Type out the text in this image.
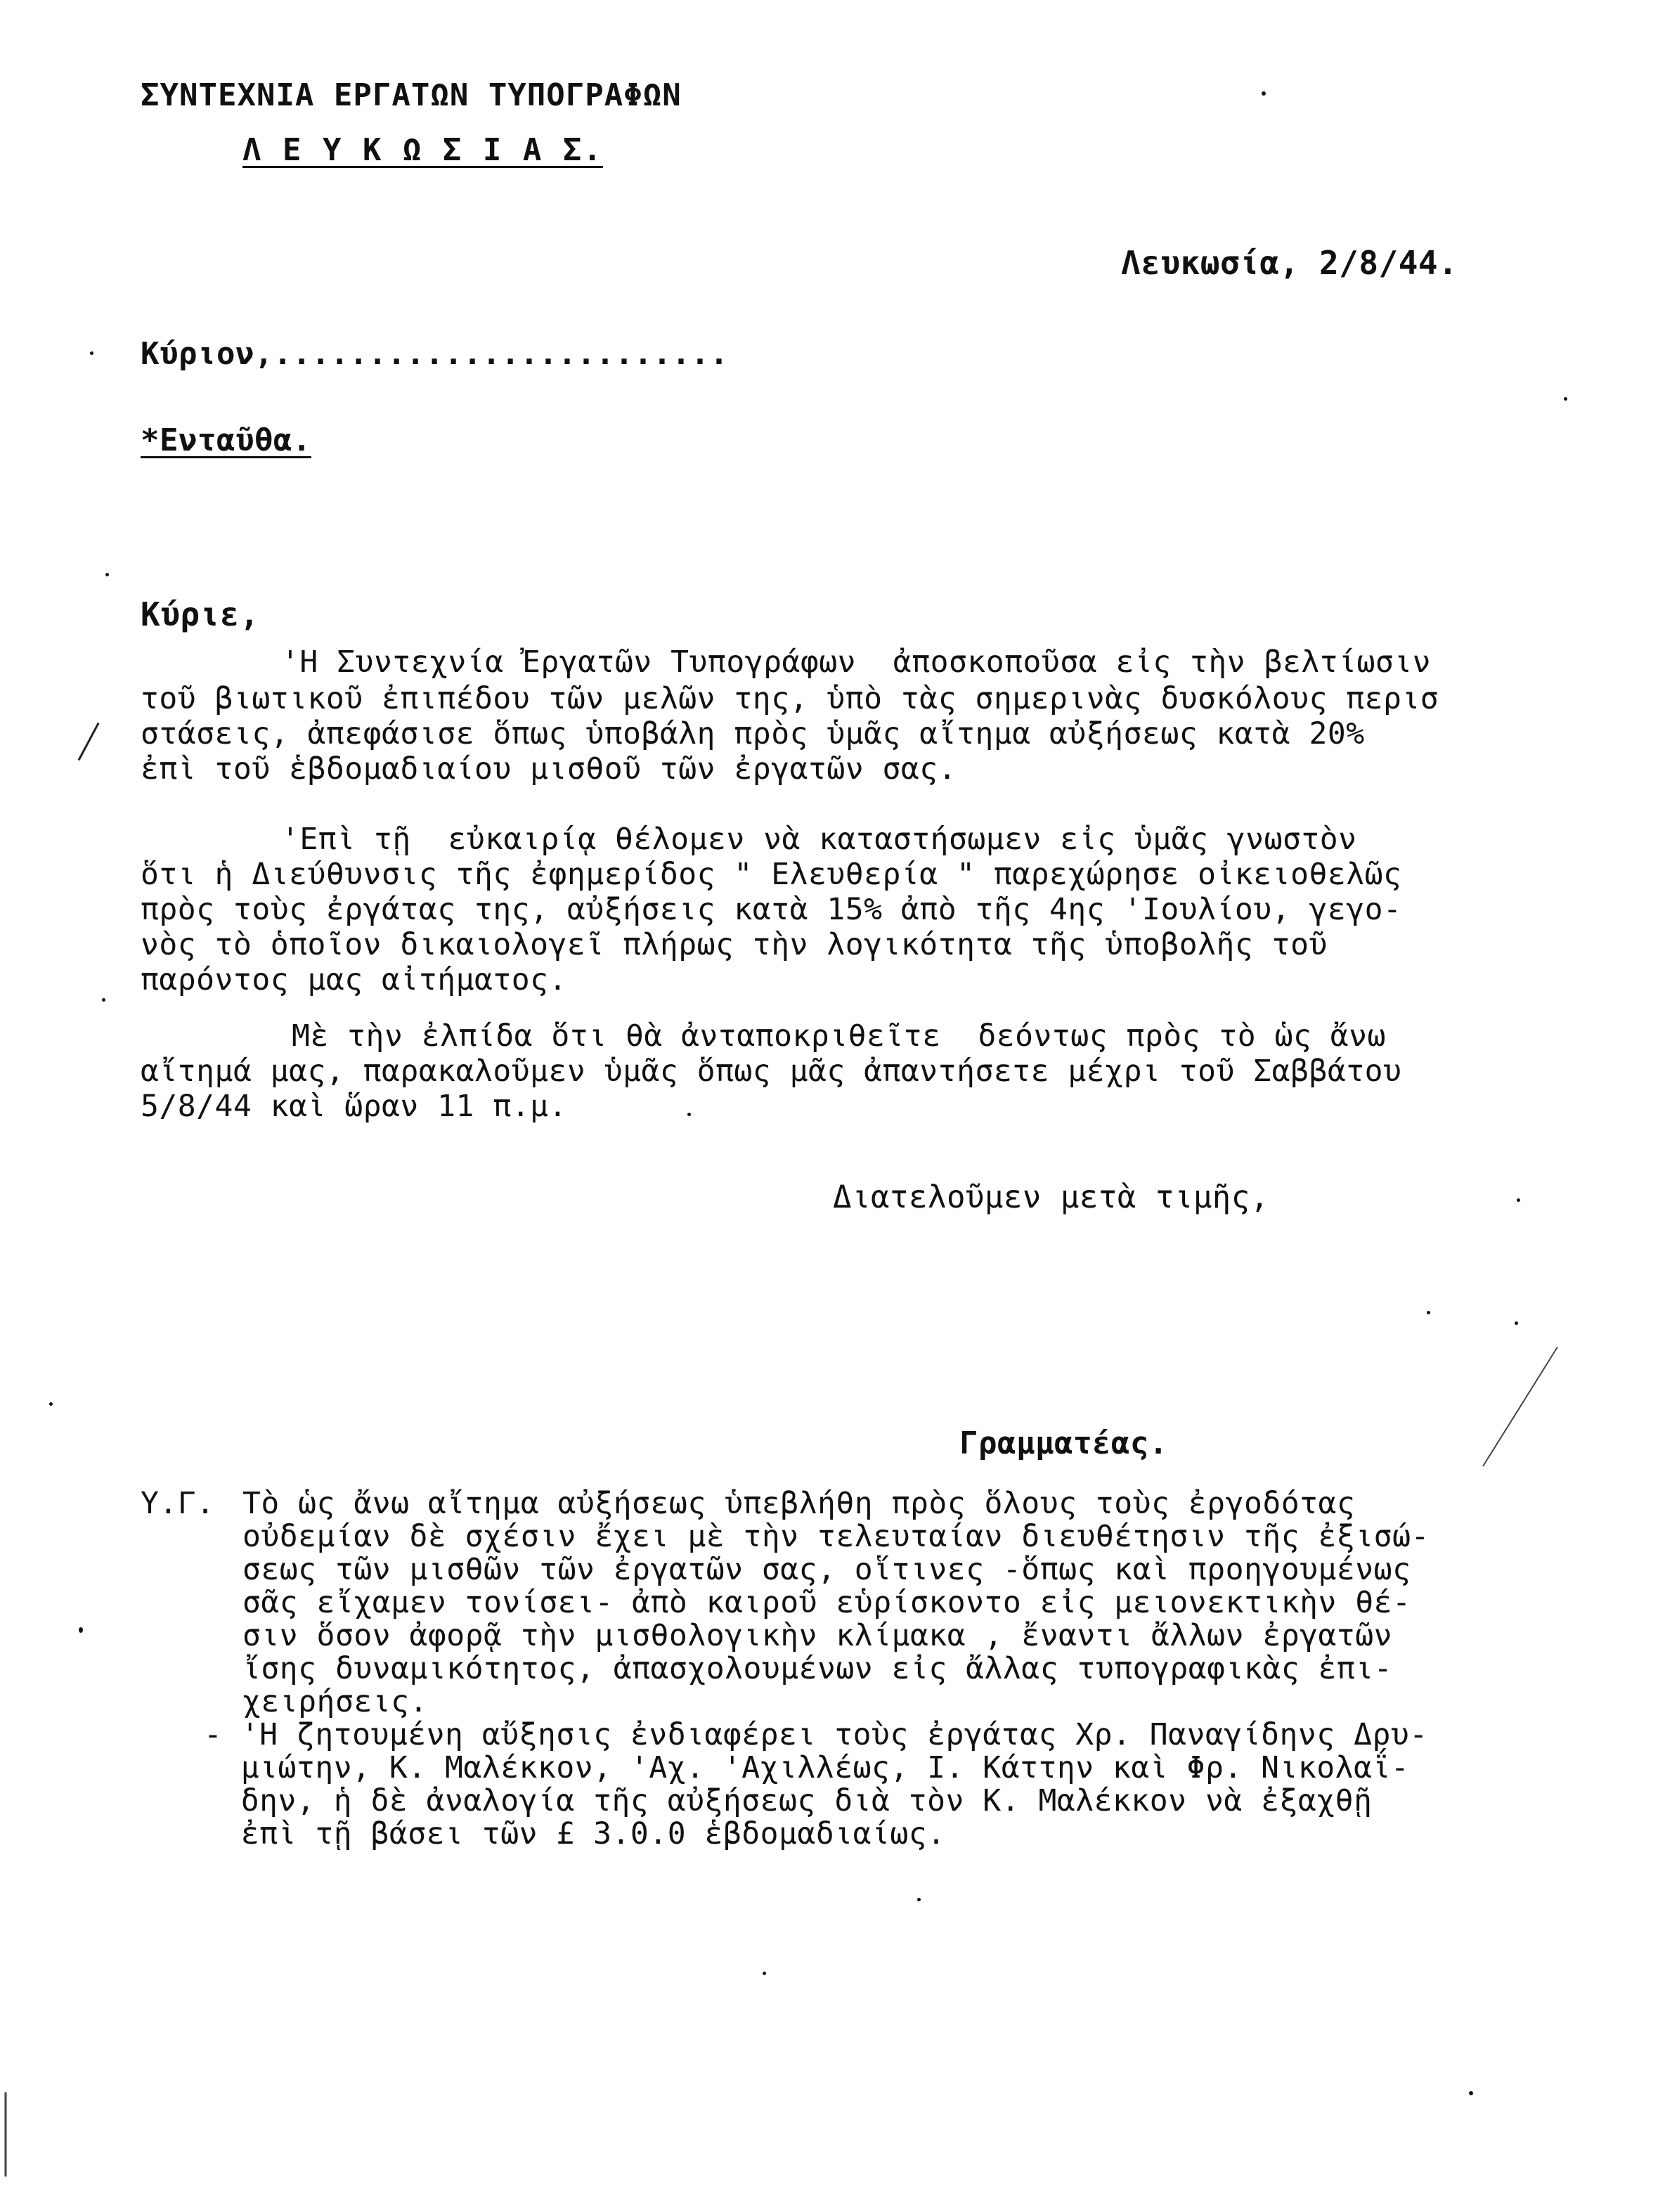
ΣΥΝΤΕΧΝΙΑ ΕΡΓΑΤΩΝ ΤΥΠΟΓΡΑΦΩΝ
Λ Ε Υ Κ Ω Σ Ι Α Σ.
Λευκωσία, 2/8/44.
Κύριον,........................
*Ενταῦθα.
Κύριε,
'Η Συντεχνία Ἐργατῶν Τυπογράφων  ἀποσκοποῦσα εἰς τὴν βελτίωσιν
τοῦ βιωτικοῦ ἐπιπέδου τῶν μελῶν της, ὑπὸ τὰς σημερινὰς δυσκόλους περισ
στάσεις, ἀπεφάσισε ὅπως ὑποβάλη πρὸς ὑμᾶς αἴτημα αὐξήσεως κατὰ 20%
ἐπὶ τοῦ ἑβδομαδιαίου μισθοῦ τῶν ἐργατῶν σας.
'Επὶ τῇ  εὐκαιρίᾳ θέλομεν νὰ καταστήσωμεν εἰς ὑμᾶς γνωστὸν
ὅτι ἡ Διεύθυνσις τῆς ἐφημερίδος " Ελευθερία " παρεχώρησε οἰκειοθελῶς
πρὸς τοὺς ἐργάτας της, αὐξήσεις κατὰ 15% ἀπὸ τῆς 4ης 'Ιουλίου, γεγο-
νὸς τὸ ὁποῖον δικαιολογεῖ πλήρως τὴν λογικότητα τῆς ὑποβολῆς τοῦ
παρόντος μας αἰτήματος.
Μὲ τὴν ἐλπίδα ὅτι θὰ ἀνταποκριθεῖτε  δεόντως πρὸς τὸ ὡς ἄνω
αἴτημά μας, παρακαλοῦμεν ὑμᾶς ὅπως μᾶς ἀπαντήσετε μέχρι τοῦ Σαββάτου
5/8/44 καὶ ὥραν 11 π.μ.
Διατελοῦμεν μετὰ τιμῆς,
Γραμματέας.
Υ.Γ. Τὸ ὡς ἄνω αἴτημα αὐξήσεως ὑπεβλήθη πρὸς ὅλους τοὺς ἐργοδότας
οὐδεμίαν δὲ σχέσιν ἔχει μὲ τὴν τελευταίαν διευθέτησιν τῆς ἐξισώ-
σεως τῶν μισθῶν τῶν ἐργατῶν σας, οἵτινες -ὅπως καὶ προηγουμένως
σᾶς εἴχαμεν τονίσει- ἀπὸ καιροῦ εὑρίσκοντο εἰς μειονεκτικὴν θέ-
σιν ὅσον ἀφορᾷ τὴν μισθολογικὴν κλίμακα , ἔναντι ἄλλων ἐργατῶν
ἴσης δυναμικότητος, ἀπασχολουμένων εἰς ἄλλας τυπογραφικὰς ἐπι-
χειρήσεις.
- 'Η ζητουμένη αὔξησις ἐνδιαφέρει τοὺς ἐργάτας Χρ. Παναγίδηνς Δρυ-
μιώτην, Κ. Μαλέκκον, 'Αχ. 'Αχιλλέως, Ι. Κάττην καὶ Φρ. Νικολαΐ-
δην, ἡ δὲ ἀναλογία τῆς αὐξήσεως διὰ τὸν Κ. Μαλέκκον νὰ ἐξαχθῇ
ἐπὶ τῇ βάσει τῶν £ 3.0.0 ἑβδομαδιαίως.
